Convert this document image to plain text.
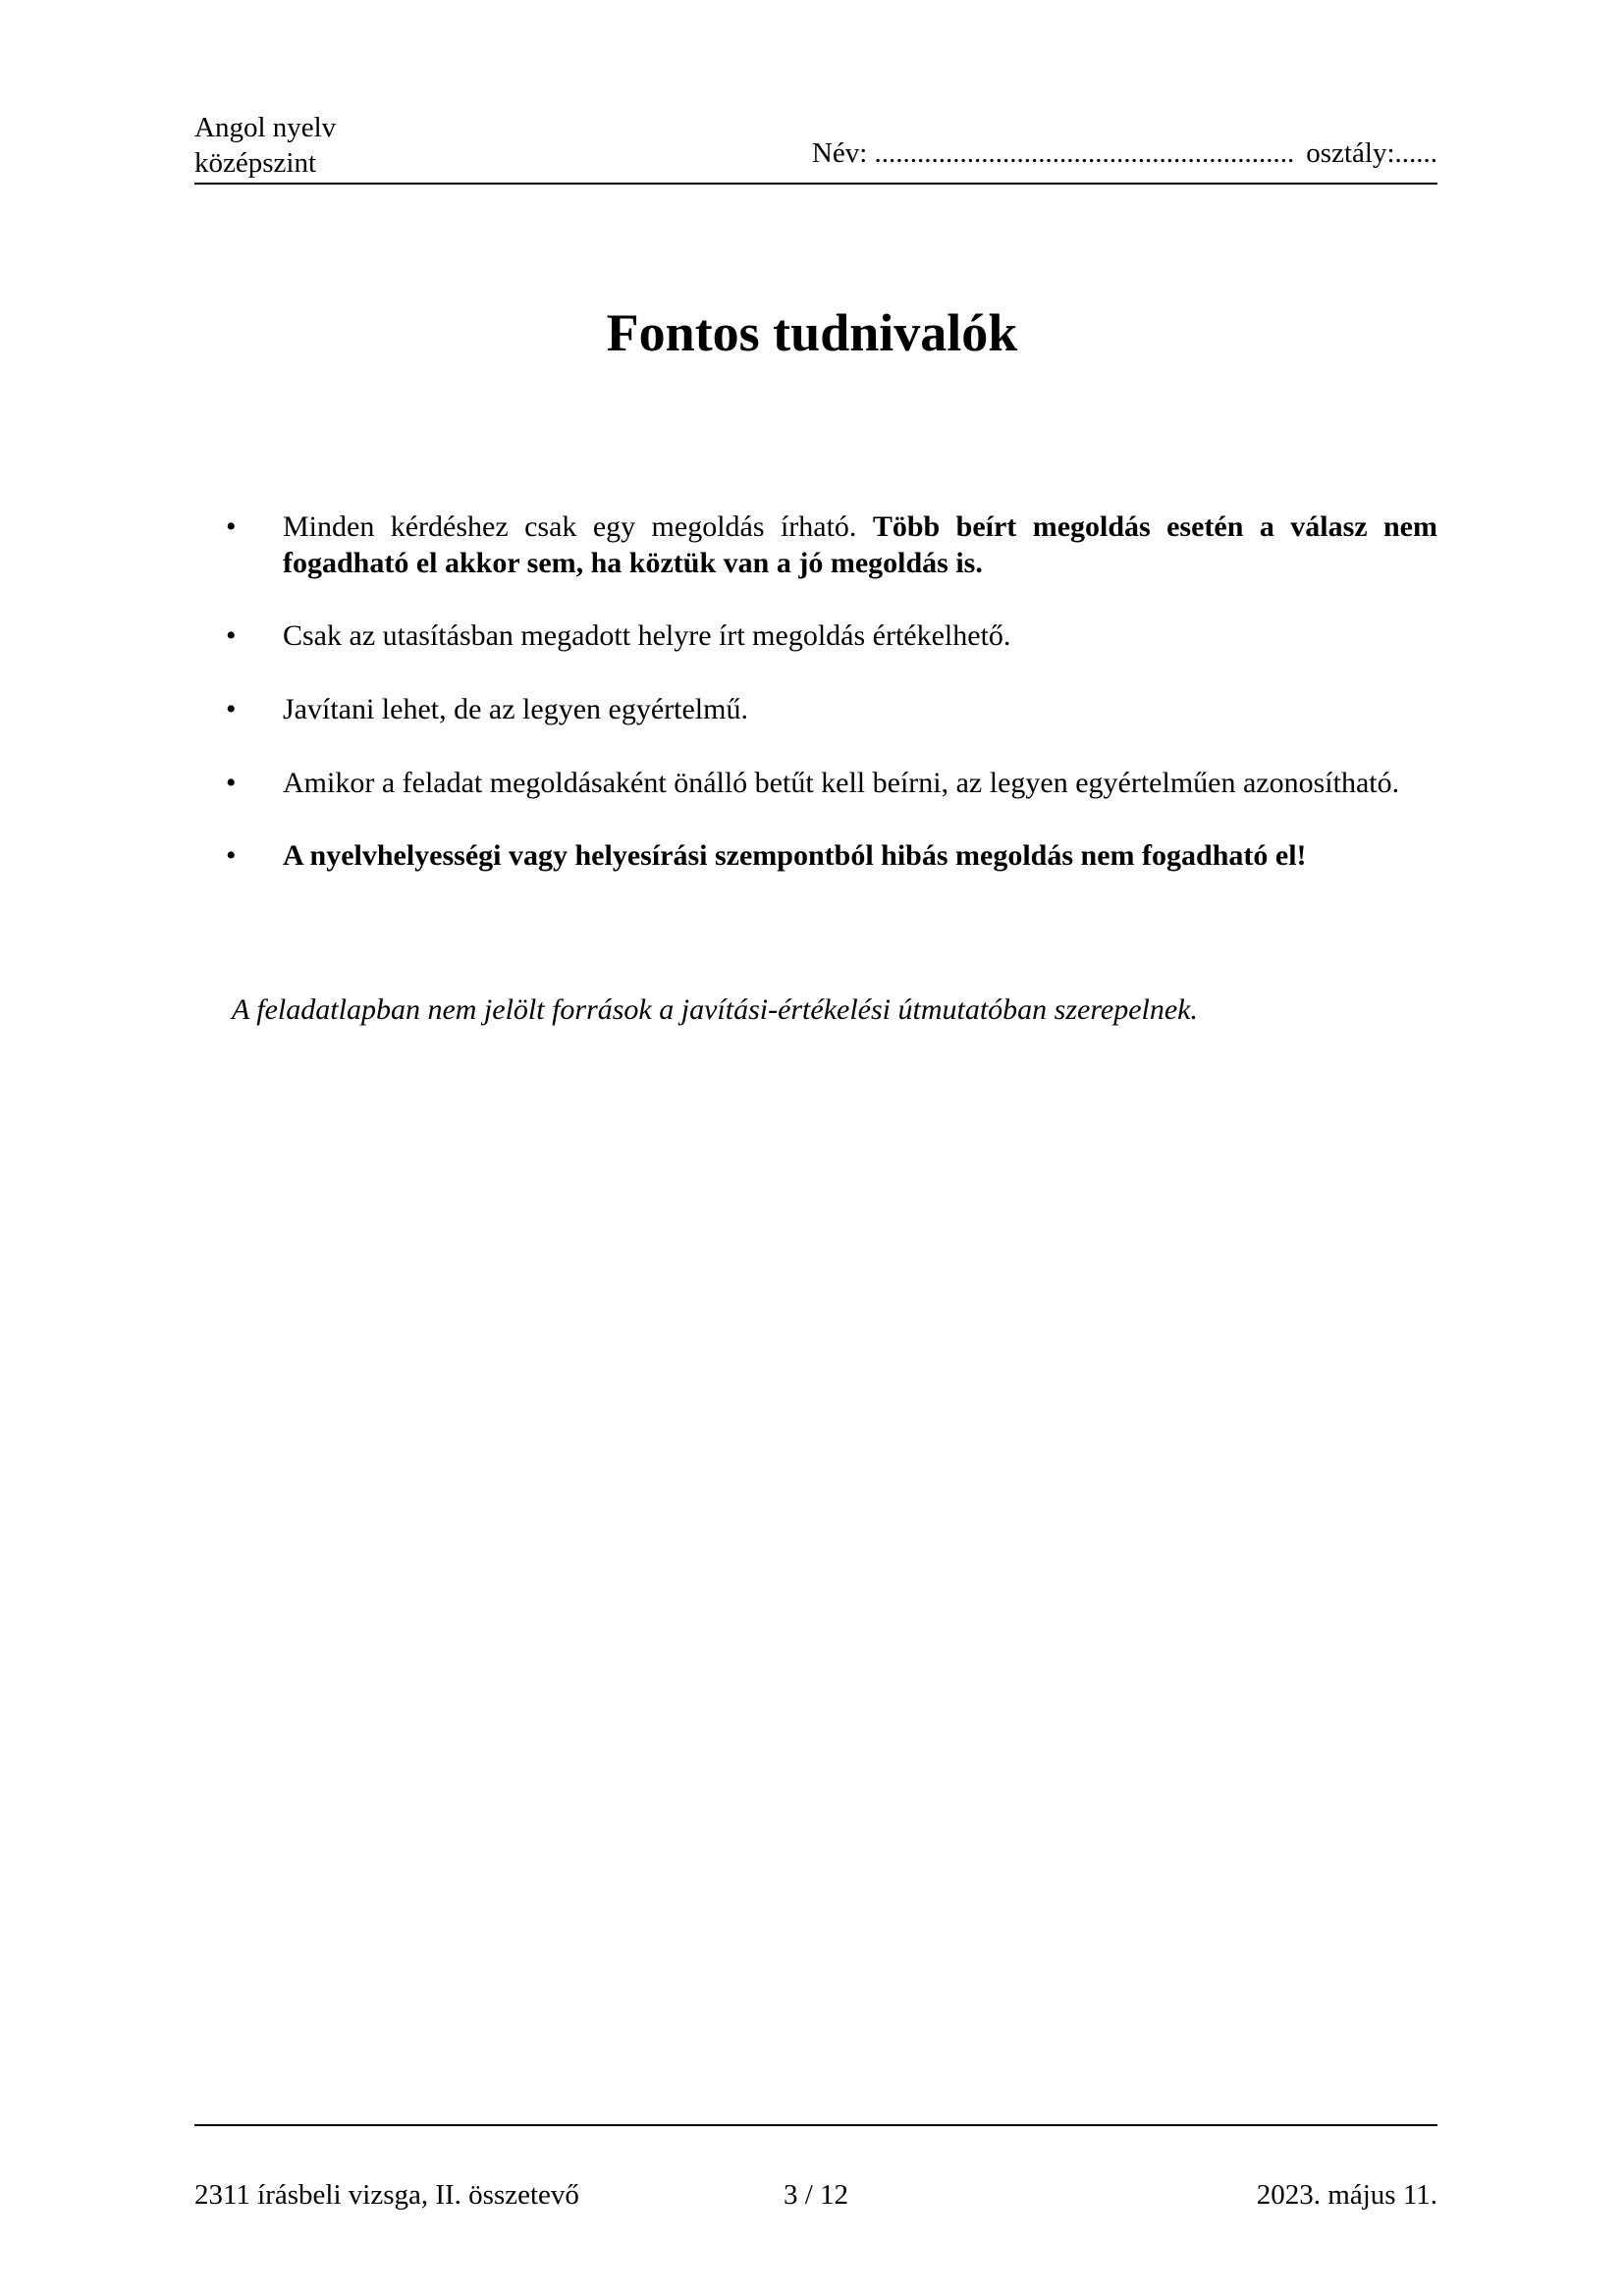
Angol nyelv
középszint	Név: ........................................................... osztály:......
Fontos tudnivalók
• Minden kérdéshez csak egy megoldás írható. Több beírt megoldás esetén a válasz nem fogadható el akkor sem, ha köztük van a jó megoldás is.
• Csak az utasításban megadott helyre írt megoldás értékelhető.
• Javítani lehet, de az legyen egyértelmű.
• Amikor a feladat megoldásaként önálló betűt kell beírni, az legyen egyértelműen azonosítható.
• A nyelvhelyességi vagy helyesírási szempontból hibás megoldás nem fogadható el!

A feladatlapban nem jelölt források a javítási-értékelési útmutatóban szerepelnek.

2311 írásbeli vizsga, II. összetevő	3 / 12	2023. május 11.
